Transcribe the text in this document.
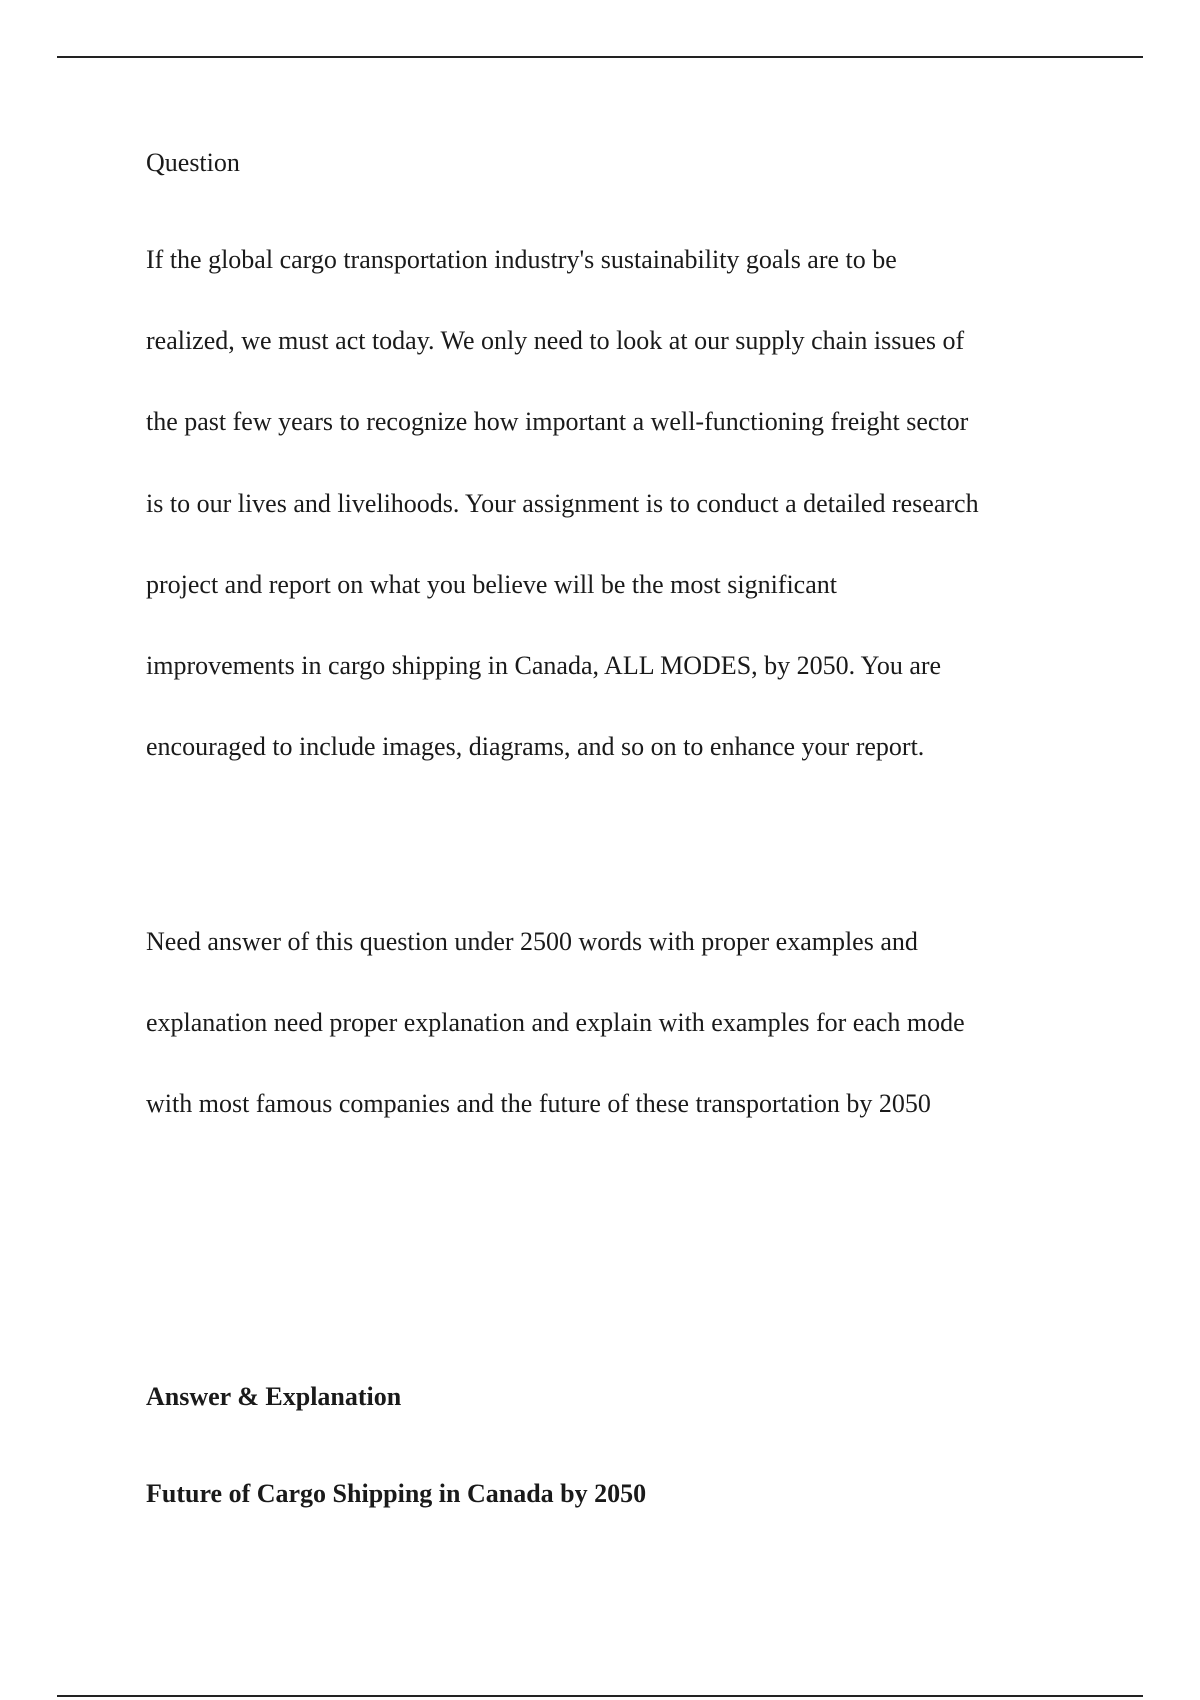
Question
If the global cargo transportation industry's sustainability goals are to be
realized, we must act today. We only need to look at our supply chain issues of
the past few years to recognize how important a well-functioning freight sector
is to our lives and livelihoods. Your assignment is to conduct a detailed research
project and report on what you believe will be the most significant
improvements in cargo shipping in Canada, ALL MODES, by 2050. You are
encouraged to include images, diagrams, and so on to enhance your report.
Need answer of this question under 2500 words with proper examples and
explanation need proper explanation and explain with examples for each mode
with most famous companies and the future of these transportation by 2050
Answer & Explanation
Future of Cargo Shipping in Canada by 2050
